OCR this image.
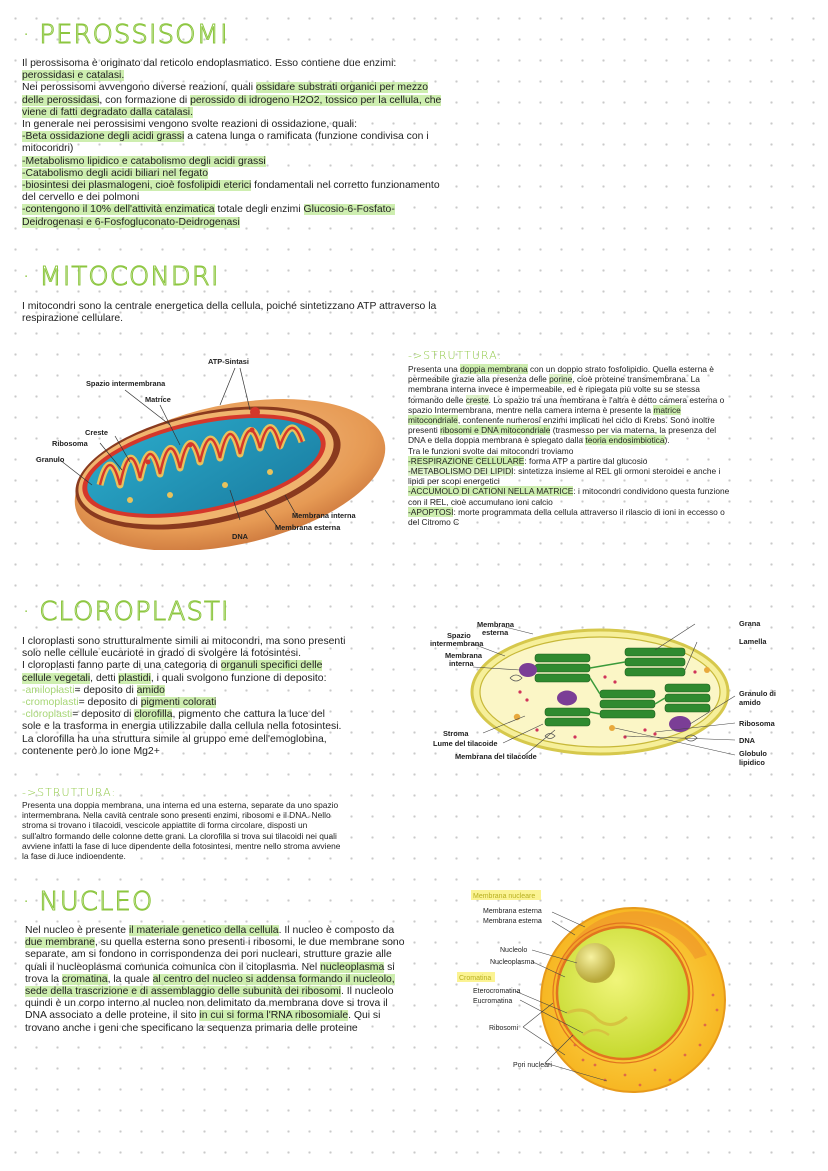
· PEROSSISOMI
Il perossisoma è originato dal reticolo endoplasmatico. Esso contiene due enzimi:
perossidasi e catalasi.
Nei perossisomi avvengono diverse reazioni, quali ossidare substrati organici per mezzo
delle perossidasi, con formazione di perossido di idrogeno H2O2, tossico per la cellula, che
viene di fatti degradato dalla catalasi.
In generale nei perossisimi vengono svolte reazioni di ossidazione, quali:
-Beta ossidazione degli acidi grassi a catena lunga o ramificata (funzione condivisa con i
mitocondri)
-Metabolismo lipidico e catabolismo degli acidi grassi
-Catabolismo degli acidi biliari nel fegato
-biosintesi dei plasmalogeni, cioè fosfolipidi eterici fondamentali nel corretto funzionamento
del cervello e dei polmoni
-contengono il 10% dell'attività enzimatica totale degli enzimi Glucosio-6-Fosfato-
Deidrogenasi e 6-Fosfogluconato-Deidrogenasi
· MITOCONDRI
I mitocondri sono la centrale energetica della cellula, poiché sintetizzano ATP attraverso la
respirazione cellulare.
ATP-Sintasi
Spazio intermembrana
Matrice
Creste
Ribosoma
Granulo
DNA
Membrana interna
Membrana esterna
->STRUTTURA:
Presenta una doppia membrana con un doppio strato fosfolipidio. Quella esterna è
permeabile grazie alla presenza delle porine, cioè proteine transmembrana. La
membrana interna invece è impermeabile, ed è ripiegata più volte su se stessa
formando delle creste. Lo spazio tra una membrana e l'altra è detto camera esterna o
spazio Intermembrana, mentre nella camera interna è presente la matrice
mitocondriale, contenente numerosi enzimi implicati nel ciclo di Krebs. Sono inoltre
presenti ribosomi e DNA mitocondriale (trasmesso per via materna, la presenza del
DNA e della doppia membrana è spiegato dalla teoria endosimbiotica).
Tra le funzioni svolte dai mitocondri troviamo
-RESPIRAZIONE CELLULARE: forma ATP a partire dal glucosio
-METABOLISMO DEI LIPIDI: sintetizza insieme al REL gli ormoni steroidei e anche i
lipidi per scopi energetici
-ACCUMOLO DI CATIONI NELLA MATRICE: i mitocondri condividono questa funzione
con il REL, cioè accumulano ioni calcio
-APOPTOSI: morte programmata della cellula attraverso il rilascio di ioni in eccesso o
del Citromo C
· CLOROPLASTI
I cloroplasti sono strutturalmente simili ai mitocondri, ma sono presenti
solo nelle cellule eucariote in grado di svolgere la fotosintesi.
I cloroplasti fanno parte di una categoria di organuli specifici delle
cellule vegetali, detti plastidi, i quali svolgono funzione di deposito:
-amiloplasti= deposito di amido
-cromoplasti= deposito di pigmenti colorati
-cloroplasti= deposito di clorofilla, pigmento che cattura la luce del
sole e la trasforma in energia utilizzabile dalla cellula nella fotosintesi.
La clorofilla ha una struttura simile al gruppo eme dell'emoglobina,
contenente però lo ione Mg2+
->STRUTTURA:
Presenta una doppia membrana, una interna ed una esterna, separate da uno spazio
intermembrana. Nella cavità centrale sono presenti enzimi, ribosomi e il DNA. Nello
stroma si trovano i tilacoidi, vescicole appiattite di forma circolare, disposti un
sull'altro formando delle colonne dette grani. La clorofilla si trova sui tilacoidi nei quali
avviene infatti la fase di luce dipendente della fotosintesi, mentre nello stroma avviene
la fase di luce indioendente.
Membrana
esterna
Spazio
intermembrana
Membrana
interna
Stroma
Lume del tilacoide
Membrana del tilacoide
Grana
Lamella
Granulo di
amido
Ribosoma
DNA
Globulo
lipidico
· NUCLEO
Nel nucleo è presente il materiale genetico della cellula. Il nucleo è composto da
due membrane, su quella esterna sono presenti i ribosomi, le due membrane sono
separate, am si fondono in corrispondenza dei pori nucleari, strutture grazie alle
quali il nucleoplasma comunica comunica con il citoplasma. Nel nucleoplasma si
trova la cromatina, la quale al centro del nucleo si addensa formando il nucleolo,
sede della trascrizione e di assemblaggio delle subunità dei ribosomi. Il nucleolo
quindi è un corpo interno al nucleo non delimitato da membrana dove si trova il
DNA associato a delle proteine, il sito in cui si forma l'RNA ribosomiale. Qui si
trovano anche i geni che specificano la sequenza primaria delle proteine
Membrana nucleare
Membrana esterna
Membrana esterna
Nucleolo
Nucleoplasma
Cromatina
Eterocromatina
Eucromatina
Ribosomi
Pori nucleari
